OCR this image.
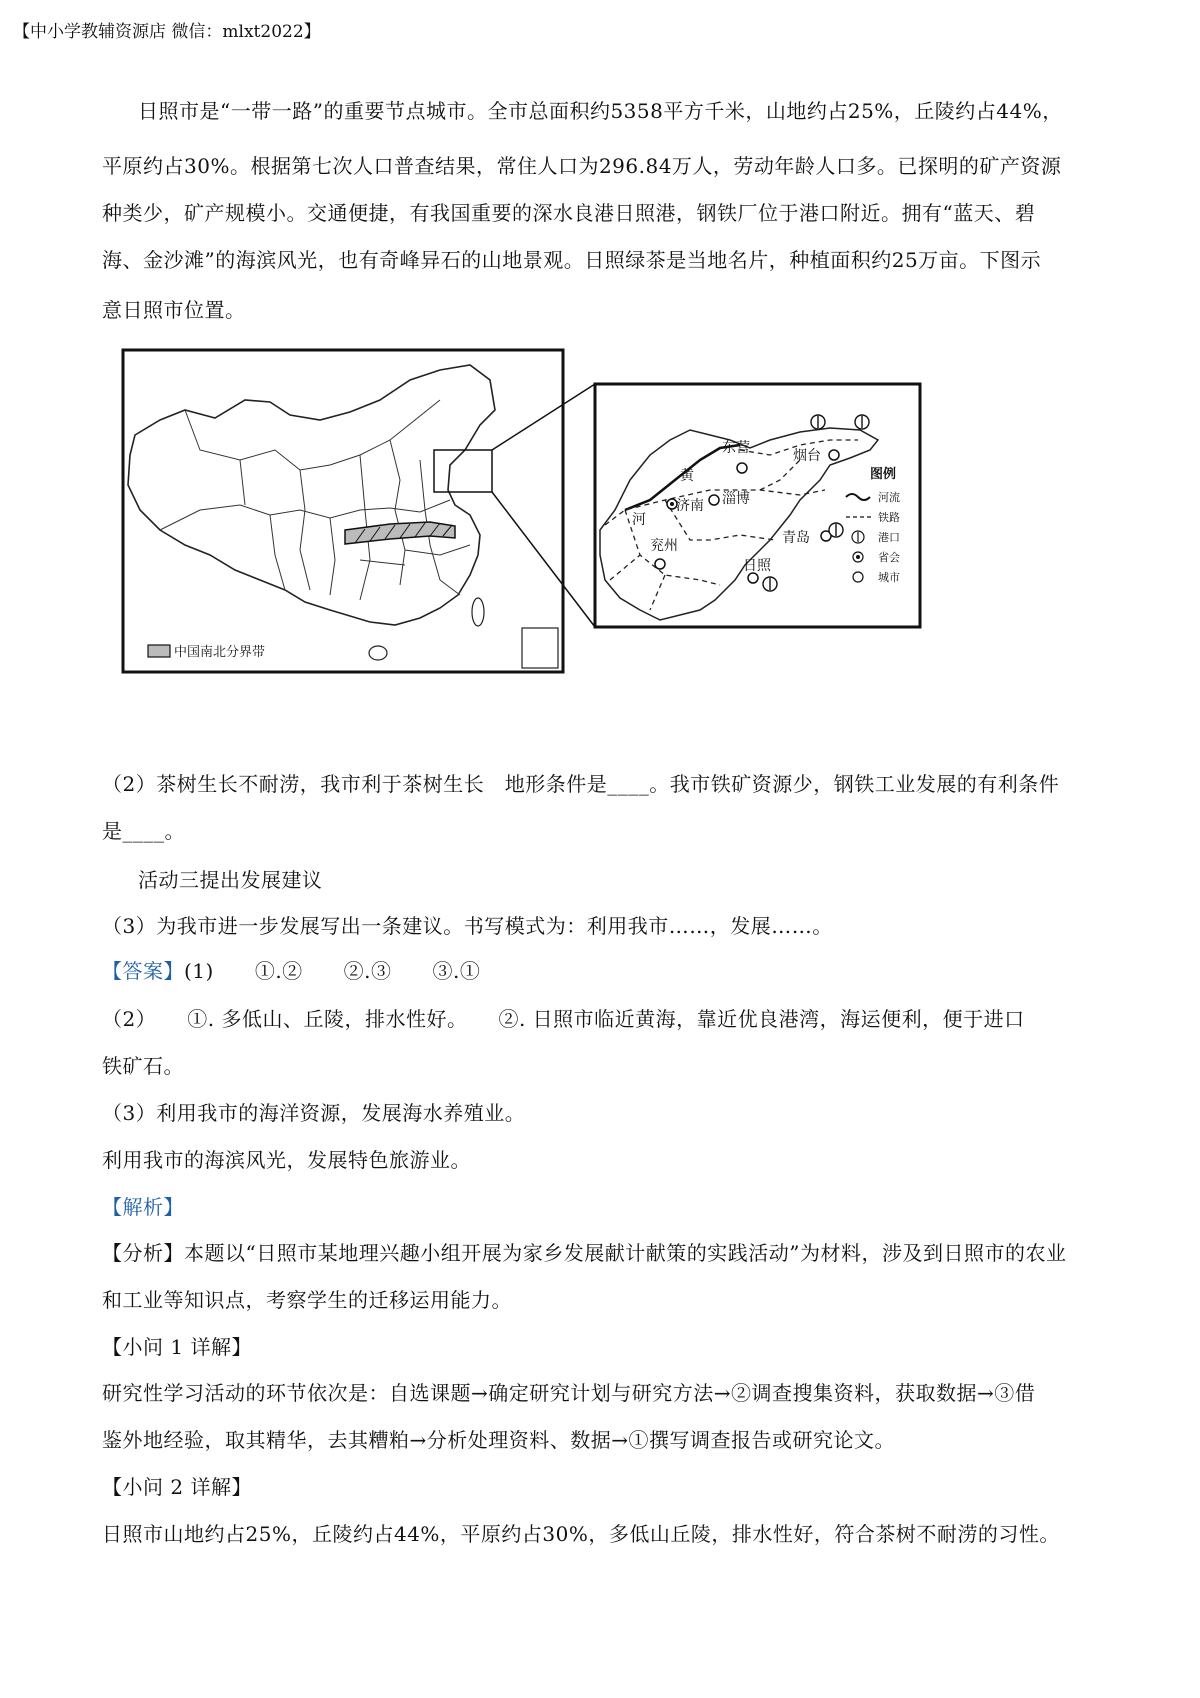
【中小学教辅资源店 微信：mlxt2022】
日照市是“一带一路”的重要节点城市。全市总面积约5358平方千米，山地约占25%，丘陵约占44%，
平原约占30%。根据第七次人口普查结果，常住人口为296.84万人，劳动年龄人口多。已探明的矿产资源
种类少，矿产规模小。交通便捷，有我国重要的深水良港日照港，钢铁厂位于港口附近。拥有“蓝天、碧
海、金沙滩”的海滨风光，也有奇峰异石的山地景观。日照绿茶是当地名片，种植面积约25万亩。下图示
意日照市位置。
中国南北分界带
东营	烟台
黄
河
济南 淄博
青岛
兖州
日照
图例
河流
铁路
港口
省会
城市
（2）茶树生长不耐涝，我市利于茶树生长　地形条件是____。我市铁矿资源少，钢铁工业发展的有利条件
是____。
活动三提出发展建议
（3）为我市进一步发展写出一条建议。书写模式为：利用我市……，发展……。
【答案】(1)　　①.②　　②.③　　③.①
（2）　　①. 多低山、丘陵，排水性好。　　②. 日照市临近黄海，靠近优良港湾，海运便利，便于进口
铁矿石。
（3）利用我市的海洋资源，发展海水养殖业。
利用我市的海滨风光，发展特色旅游业。
【解析】
【分析】本题以“日照市某地理兴趣小组开展为家乡发展献计献策的实践活动”为材料，涉及到日照市的农业
和工业等知识点，考察学生的迁移运用能力。
【小问 1 详解】
研究性学习活动的环节依次是：自选课题→确定研究计划与研究方法→②调查搜集资料，获取数据→③借
鉴外地经验，取其精华，去其糟粕→分析处理资料、数据→①撰写调查报告或研究论文。
【小问 2 详解】
日照市山地约占25%，丘陵约占44%，平原约占30%，多低山丘陵，排水性好，符合茶树不耐涝的习性。
